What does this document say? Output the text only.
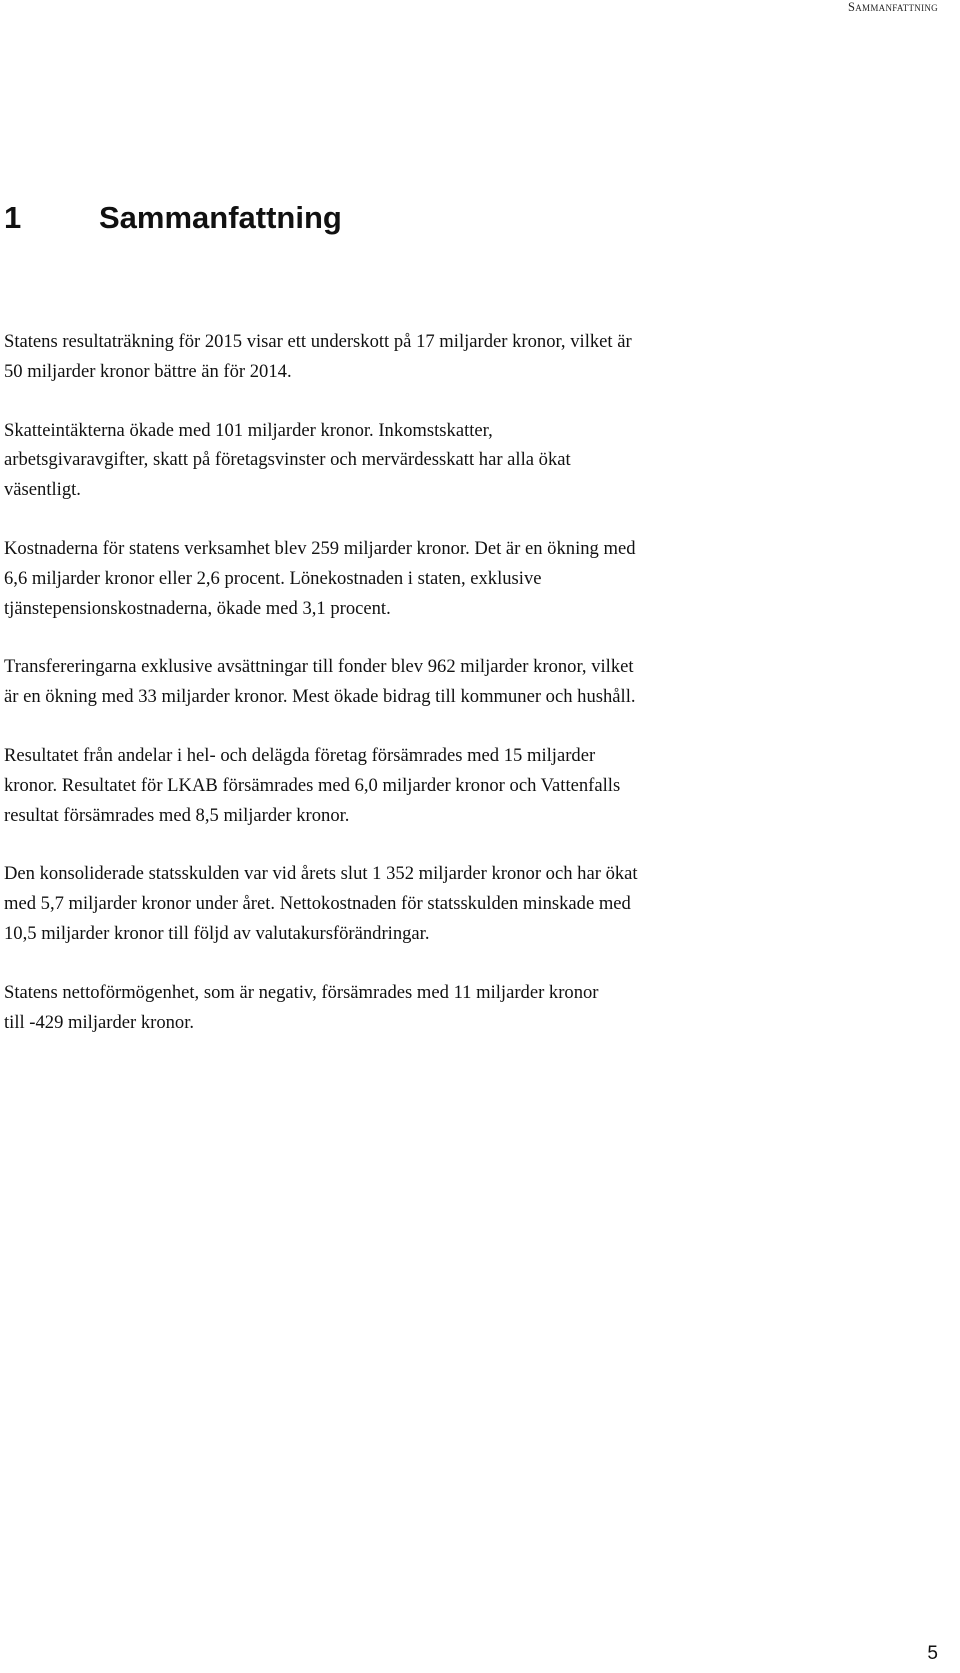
Sammanfattning
1	Sammanfattning

Statens resultaträkning för 2015 visar ett underskott på 17 miljarder kronor, vilket är
50 miljarder kronor bättre än för 2014.

Skatteintäkterna ökade med 101 miljarder kronor. Inkomstskatter,
arbetsgivaravgifter, skatt på företagsvinster och mervärdesskatt har alla ökat
väsentligt.

Kostnaderna för statens verksamhet blev 259 miljarder kronor. Det är en ökning med
6,6 miljarder kronor eller 2,6 procent. Lönekostnaden i staten, exklusive
tjänstepensionskostnaderna, ökade med 3,1 procent.

Transfereringarna exklusive avsättningar till fonder blev 962 miljarder kronor, vilket
är en ökning med 33 miljarder kronor. Mest ökade bidrag till kommuner och hushåll.

Resultatet från andelar i hel- och delägda företag försämrades med 15 miljarder
kronor. Resultatet för LKAB försämrades med 6,0 miljarder kronor och Vattenfalls
resultat försämrades med 8,5 miljarder kronor.

Den konsoliderade statsskulden var vid årets slut 1 352 miljarder kronor och har ökat
med 5,7 miljarder kronor under året. Nettokostnaden för statsskulden minskade med
10,5 miljarder kronor till följd av valutakursförändringar.

Statens nettoförmögenhet, som är negativ, försämrades med 11 miljarder kronor
till -429 miljarder kronor.

5
